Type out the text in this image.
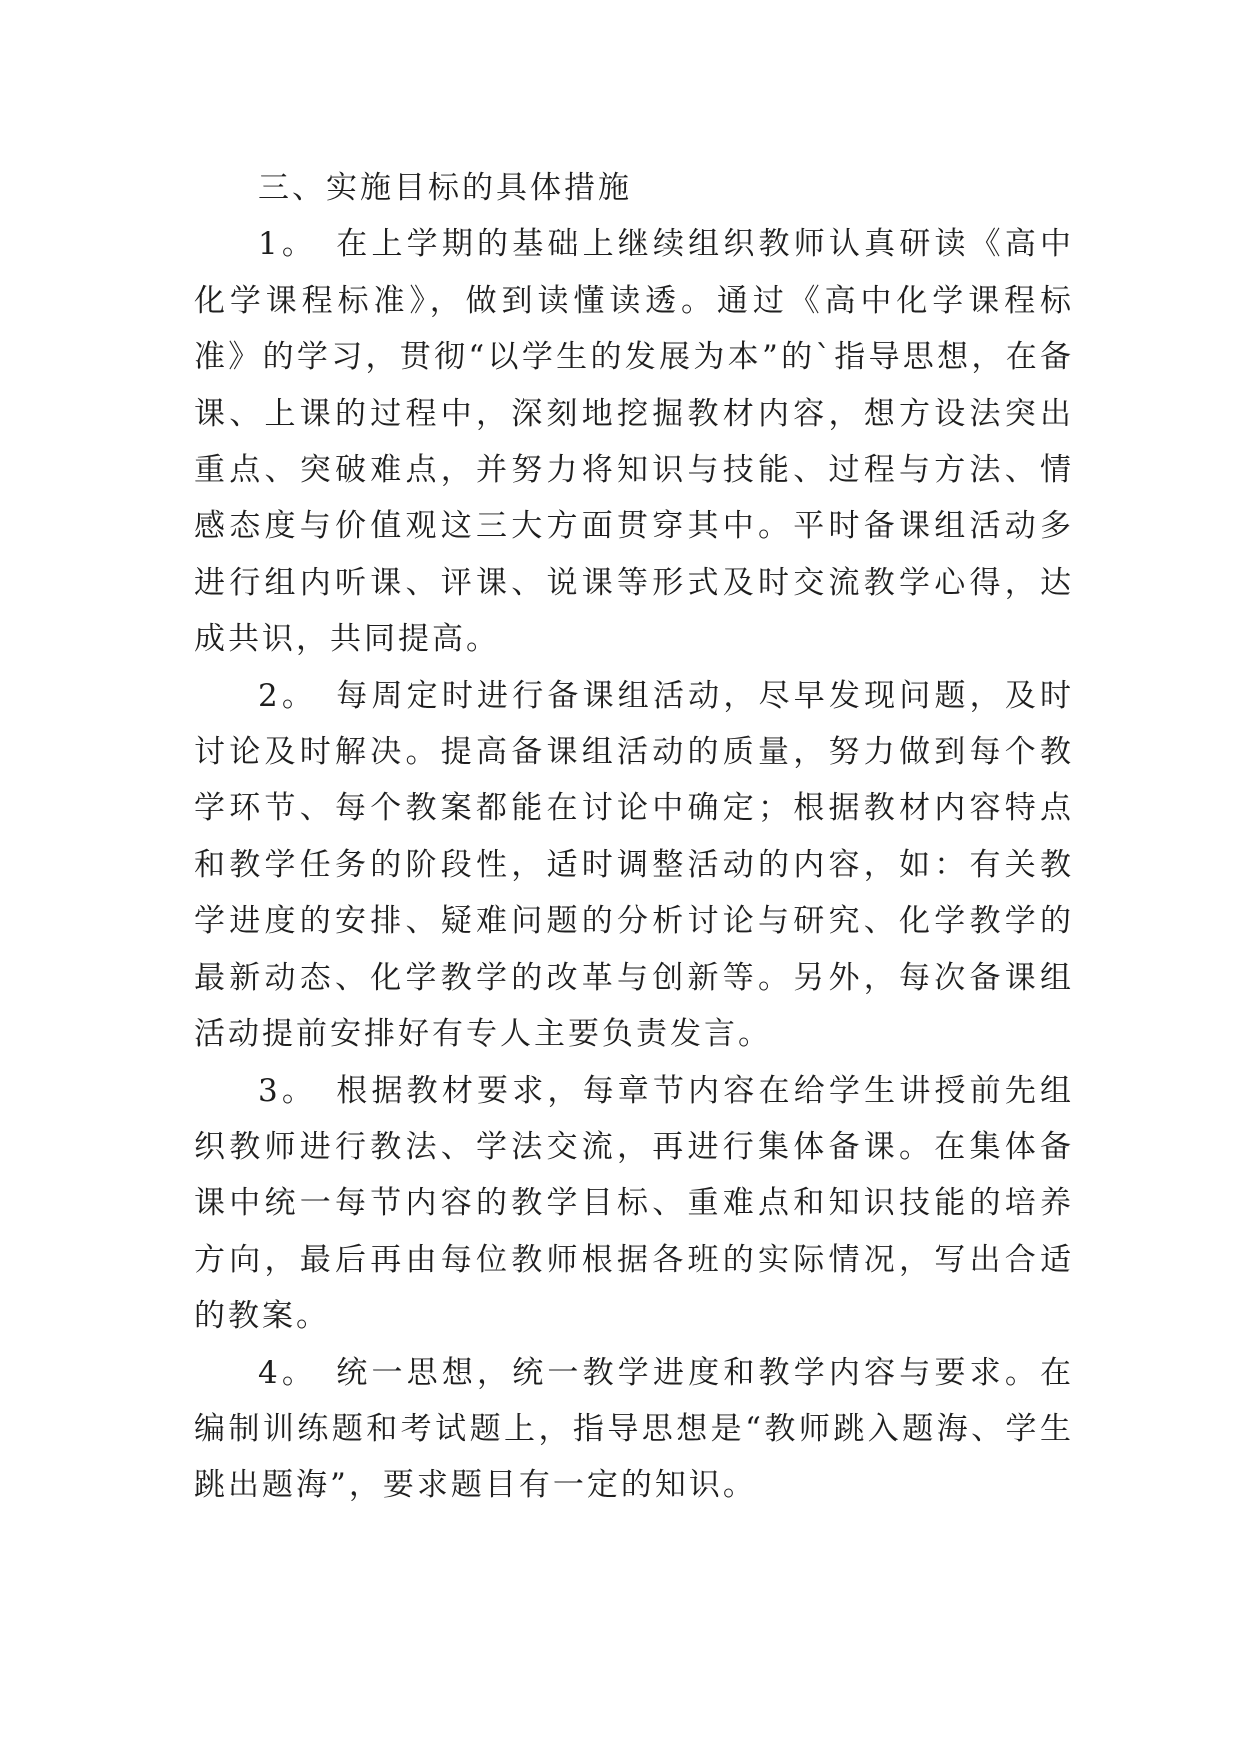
三、实施目标的具体措施

1。 在上学期的基础上继续组织教师认真研读《高中化学课程标准》，做到读懂读透。通过《高中化学课程标准》的学习，贯彻“以学生的发展为本”的`指导思想，在备课、上课的过程中，深刻地挖掘教材内容，想方设法突出重点、突破难点，并努力将知识与技能、过程与方法、情感态度与价值观这三大方面贯穿其中。平时备课组活动多进行组内听课、评课、说课等形式及时交流教学心得，达成共识，共同提高。

2。 每周定时进行备课组活动，尽早发现问题，及时讨论及时解决。提高备课组活动的质量，努力做到每个教学环节、每个教案都能在讨论中确定；根据教材内容特点和教学任务的阶段性，适时调整活动的内容，如：有关教学进度的安排、疑难问题的分析讨论与研究、化学教学的最新动态、化学教学的改革与创新等。另外，每次备课组活动提前安排好有专人主要负责发言。

3。 根据教材要求，每章节内容在给学生讲授前先组织教师进行教法、学法交流，再进行集体备课。在集体备课中统一每节内容的教学目标、重难点和知识技能的培养方向，最后再由每位教师根据各班的实际情况，写出合适的教案。

4。 统一思想，统一教学进度和教学内容与要求。在编制训练题和考试题上，指导思想是“教师跳入题海、学生跳出题海”，要求题目有一定的知识。
